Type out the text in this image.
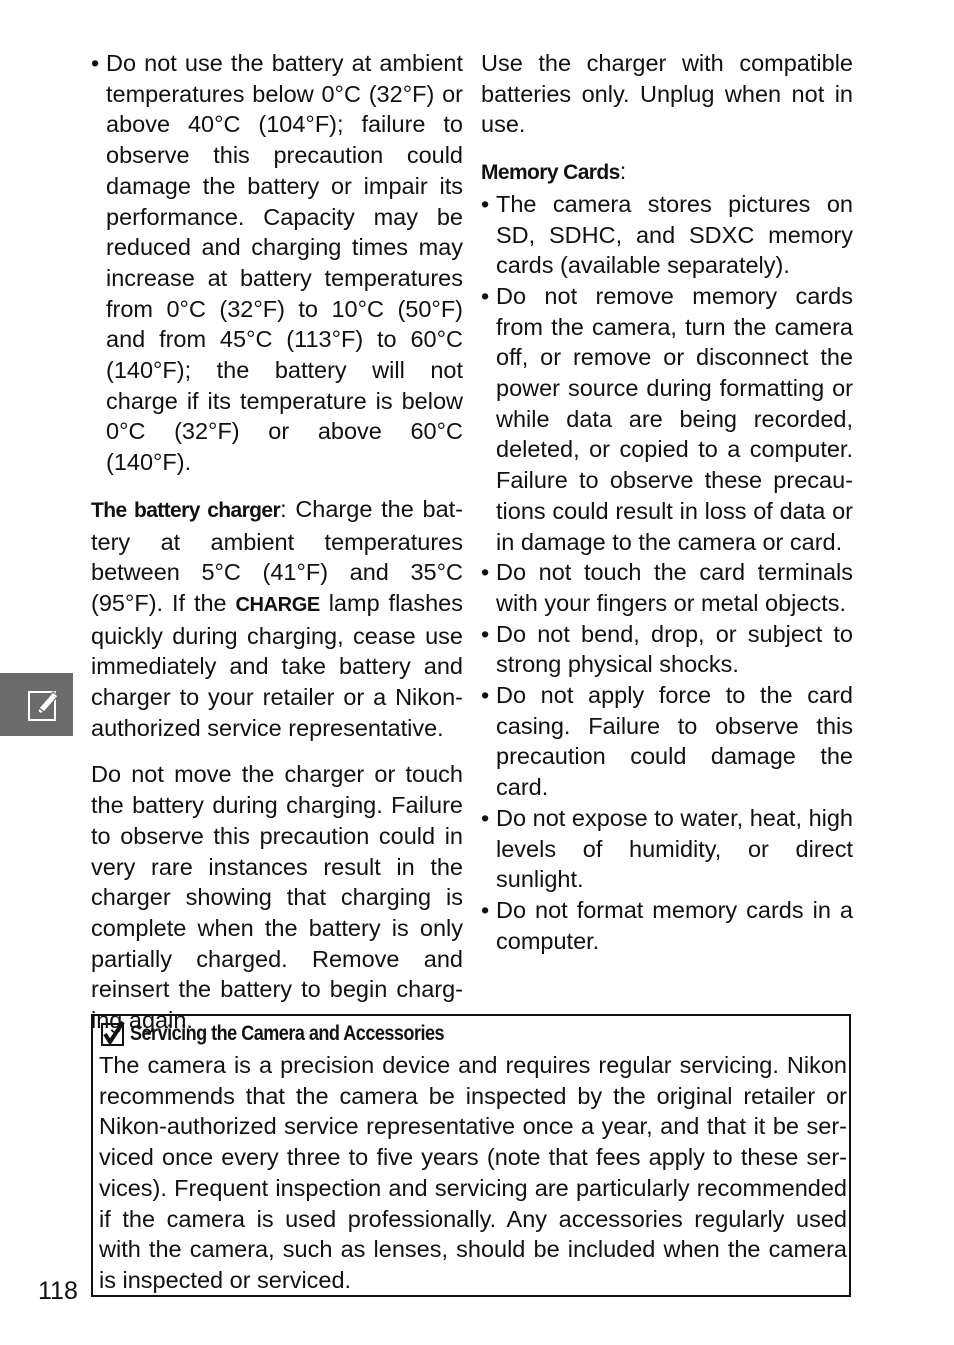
• Do not use the battery at ambient temperatures below 0°C (32°F) or above 40°C (104°F); failure to observe this precaution could damage the battery or impair its performance. Capacity may be reduced and charging times may increase at battery temperatures from 0°C (32°F) to 10°C (50°F) and from 45°C (113°F) to 60°C (140°F); the battery will not charge if its temperature is below 0°C (32°F) or above 60°C (140°F).

The battery charger: Charge the battery at ambient temperatures between 5°C (41°F) and 35°C (95°F). If the CHARGE lamp flashes quickly during charging, cease use immediately and take battery and charger to your retailer or a Nikon-authorized service representative.

Do not move the charger or touch the battery during charging. Failure to observe this precaution could in very rare instances result in the charger showing that charging is complete when the battery is only partially charged. Remove and reinsert the battery to begin charging again.

Use the charger with compatible batteries only. Unplug when not in use.

Memory Cards:

• The camera stores pictures on SD, SDHC, and SDXC memory cards (available separately).
• Do not remove memory cards from the camera, turn the camera off, or remove or disconnect the power source during formatting or while data are being recorded, deleted, or copied to a computer. Failure to observe these precautions could result in loss of data or in damage to the camera or card.
• Do not touch the card terminals with your fingers or metal objects.
• Do not bend, drop, or subject to strong physical shocks.
• Do not apply force to the card casing. Failure to observe this precaution could damage the card.
• Do not expose to water, heat, high levels of humidity, or direct sunlight.
• Do not format memory cards in a computer.
Servicing the Camera and Accessories

The camera is a precision device and requires regular servicing. Nikon recommends that the camera be inspected by the original retailer or Nikon-authorized service representative once a year, and that it be serviced once every three to five years (note that fees apply to these services). Frequent inspection and servicing are particularly recommended if the camera is used professionally. Any accessories regularly used with the camera, such as lenses, should be included when the camera is inspected or serviced.

118
